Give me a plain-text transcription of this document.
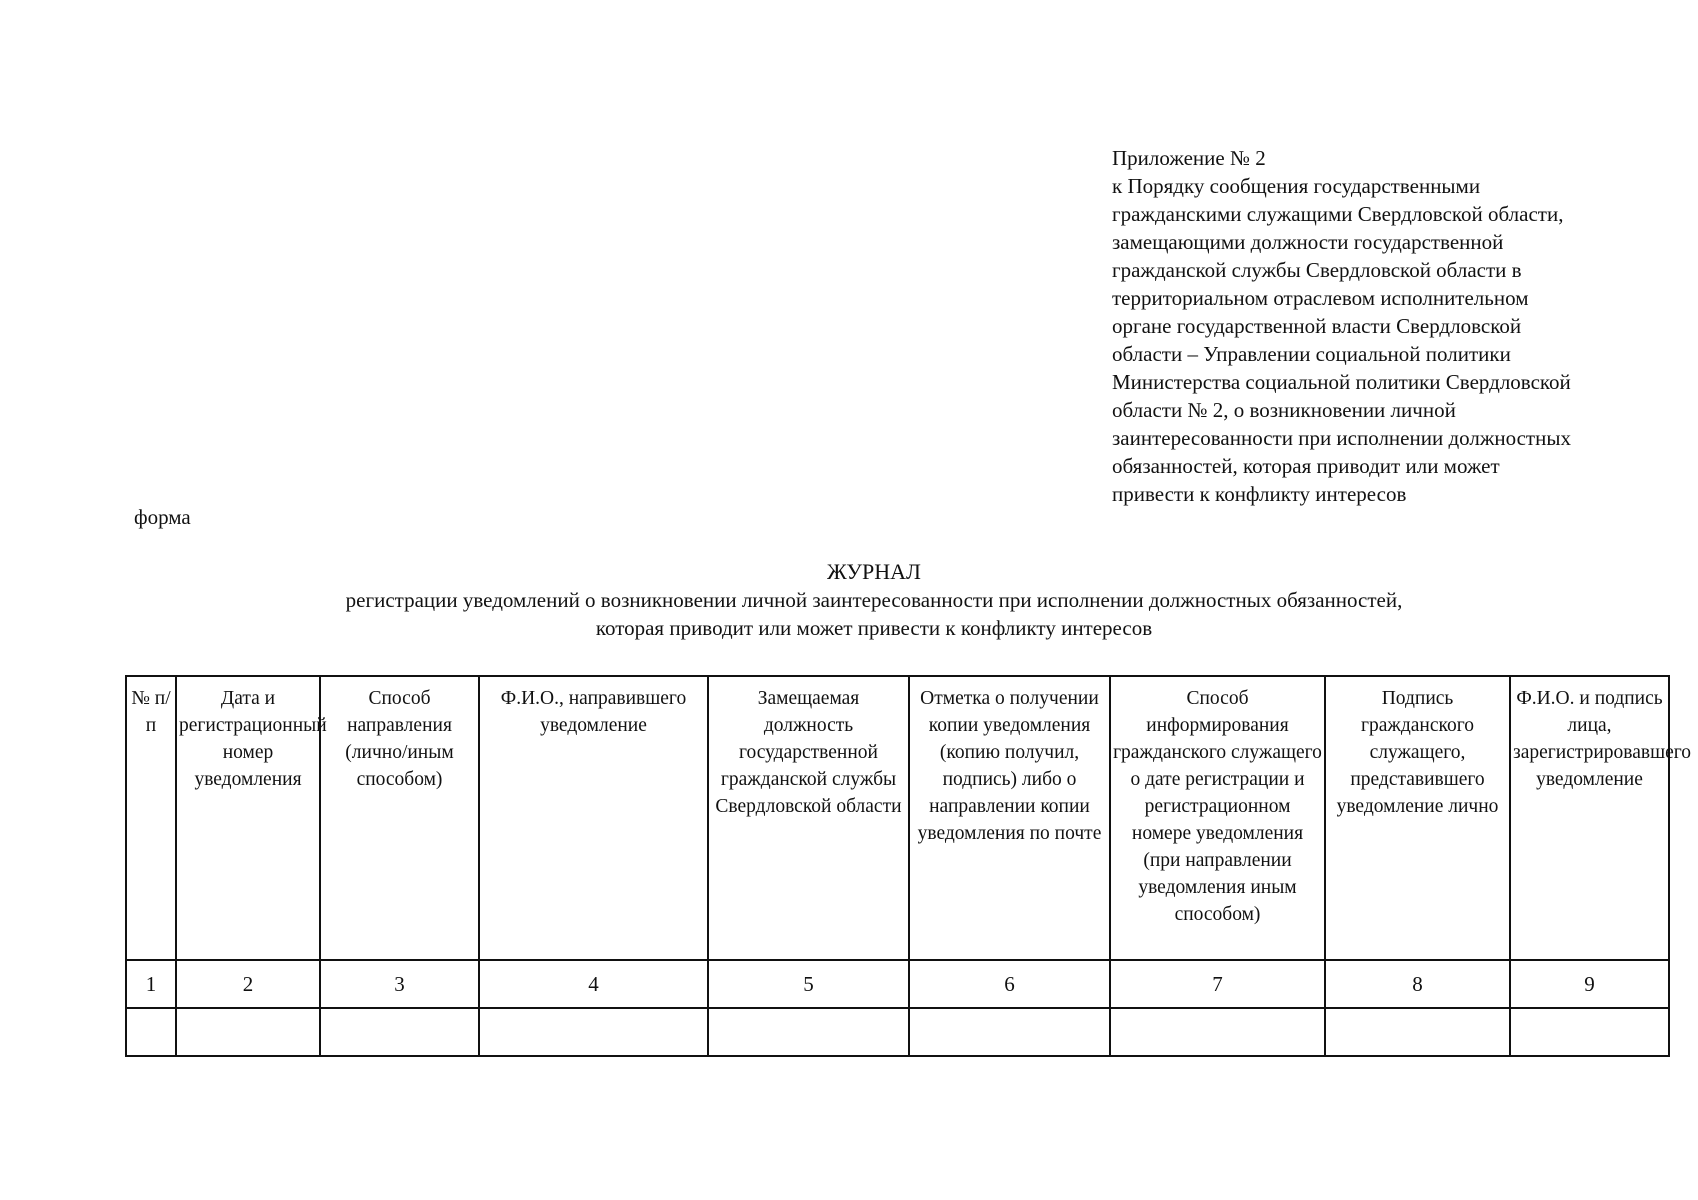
Приложение № 2
к Порядку сообщения государственными
гражданскими служащими Свердловской области,
замещающими должности государственной
гражданской службы Свердловской области в
территориальном отраслевом исполнительном
органе государственной власти Свердловской
области – Управлении социальной политики
Министерства социальной политики Свердловской
области № 2, о возникновении личной
заинтересованности при исполнении должностных
обязанностей, которая приводит или может
привести к конфликту интересов
форма
ЖУРНАЛ
регистрации уведомлений о возникновении личной заинтересованности при исполнении должностных обязанностей,
которая приводит или может привести к конфликту интересов
№ п/п	Дата и регистрационный номер уведомления	Способ направления (лично/иным способом)	Ф.И.О., направившего уведомление	Замещаемая должность государственной гражданской службы Свердловской области	Отметка о получении копии уведомления (копию получил, подпись) либо о направлении копии уведомления по почте	Способ информирования гражданского служащего о дате регистрации и регистрационном номере уведомления (при направлении уведомления иным способом)	Подпись гражданского служащего, представившего уведомление лично	Ф.И.О. и подпись лица, зарегистрировавшего уведомление
1	2	3	4	5	6	7	8	9
